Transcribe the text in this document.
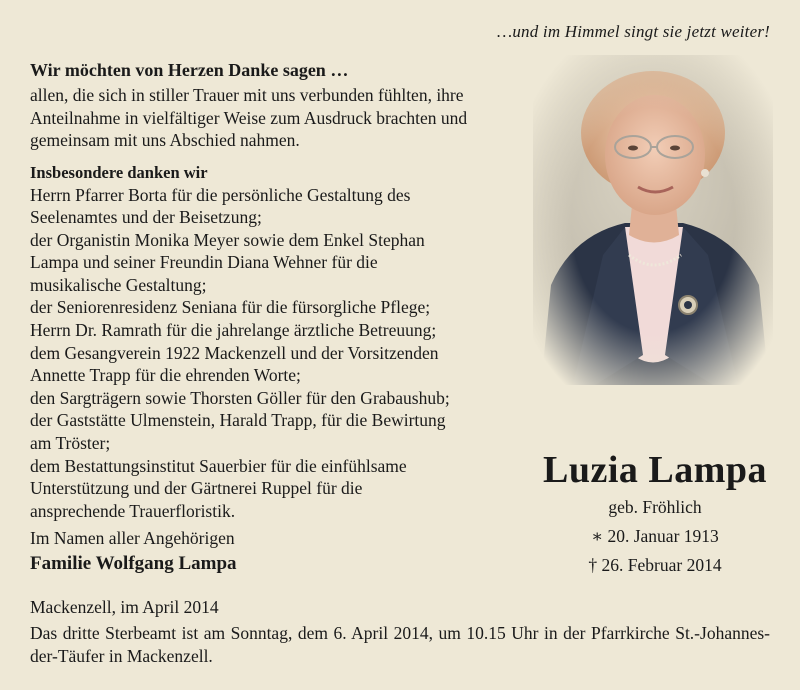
…und im Himmel singt sie jetzt weiter!
Wir möchten von Herzen Danke sagen …
allen, die sich in stiller Trauer mit uns verbunden fühlten, ihre Anteilnahme in vielfältiger Weise zum Ausdruck brachten und gemeinsam mit uns Abschied nahmen.
Insbesondere danken wir
Herrn Pfarrer Borta für die persönliche Gestaltung des
Seelenamtes und der Beisetzung;
der Organistin Monika Meyer sowie dem Enkel Stephan
Lampa und seiner Freundin Diana Wehner für die
musikalische Gestaltung;
der Seniorenresidenz Seniana für die fürsorgliche Pflege;
Herrn Dr. Ramrath für die jahrelange ärztliche Betreuung;
dem Gesangverein 1922 Mackenzell und der Vorsitzenden
Annette Trapp für die ehrenden Worte;
den Sargträgern sowie Thorsten Göller für den Grabaushub;
der Gaststätte Ulmenstein, Harald Trapp, für die Bewirtung
am Tröster;
dem Bestattungsinstitut Sauerbier für die einfühlsame
Unterstützung und der Gärtnerei Ruppel für die
ansprechende Trauerfloristik.
Im Namen aller Angehörigen
Familie Wolfgang Lampa
Mackenzell, im April 2014
Das dritte Sterbeamt ist am Sonntag, dem 6. April 2014, um 10.15 Uhr in der Pfarrkirche St.-Johannes-der-Täufer in Mackenzell.
Luzia Lampa
geb. Fröhlich
∗ 20. Januar 1913
† 26. Februar 2014
